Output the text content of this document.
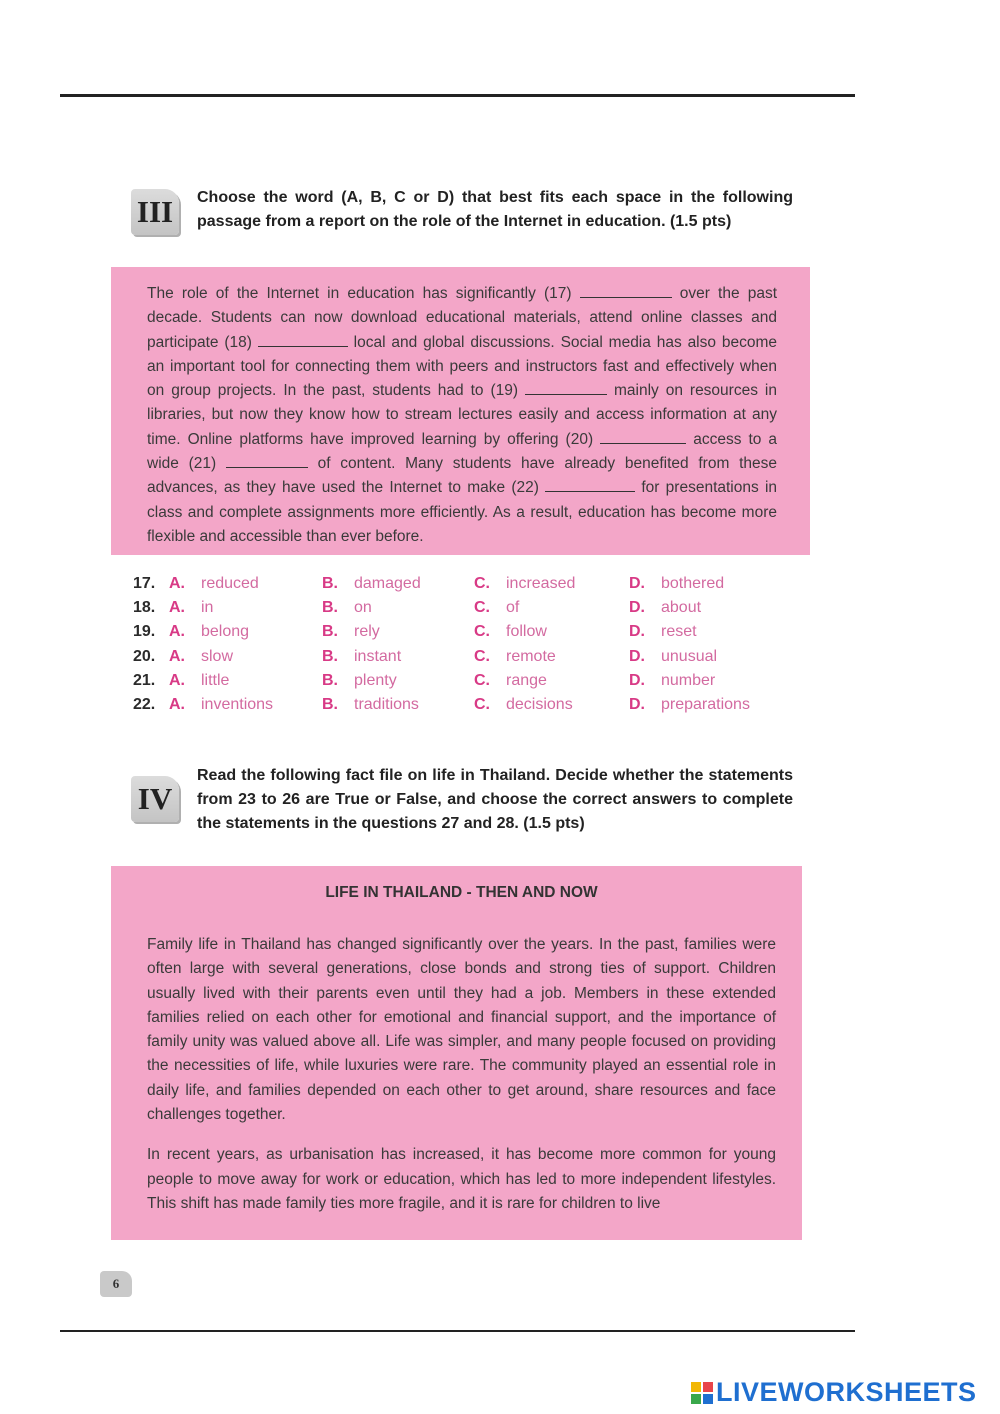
III	Choose the word (A, B, C or D) that best fits each space in the following passage from a report on the role of the Internet in education. (1.5 pts)
The role of the Internet in education has significantly (17)	over the past decade. Students can now download educational materials, attend online classes and participate (18)	local and global discussions. Social media has also become an important tool for connecting them with peers and instructors fast and effectively when on group projects. In the past, students had to (19)	mainly on resources in libraries, but now they know how to stream lectures easily and access information at any time. Online platforms have improved learning by offering (20)	access to a wide (21)	of content. Many students have already benefited from these advances, as they have used the Internet to make (22)	for presentations in class and complete assignments more efficiently. As a result, education has become more flexible and accessible than ever before.
17.	A.	reduced	B.	damaged	C.	increased	D.	bothered
18.	A.	in	B.	on	C.	of	D.	about
19.	A.	belong	B.	rely	C.	follow	D.	reset
20.	A.	slow	B.	instant	C.	remote	D.	unusual
21.	A.	little	B.	plenty	C.	range	D.	number
22.	A.	inventions	B.	traditions	C.	decisions	D.	preparations
IV
Read the following fact file on life in Thailand. Decide whether the statements from 23 to 26 are True or False, and choose the correct answers to complete the statements in the questions 27 and 28. (1.5 pts)
LIFE IN THAILAND - THEN AND NOW
Family life in Thailand has changed significantly over the years. In the past, families were often large with several generations, close bonds and strong ties of support. Children usually lived with their parents even until they had a job. Members in these extended families relied on each other for emotional and financial support, and the importance of family unity was valued above all. Life was simpler, and many people focused on providing the necessities of life, while luxuries were rare. The community played an essential role in daily life, and families depended on each other to get around, share resources and face challenges together.
In recent years, as urbanisation has increased, it has become more common for young people to move away for work or education, which has led to more independent lifestyles. This shift has made family ties more fragile, and it is rare for children to live
6
LIVEWORKSHEETS
